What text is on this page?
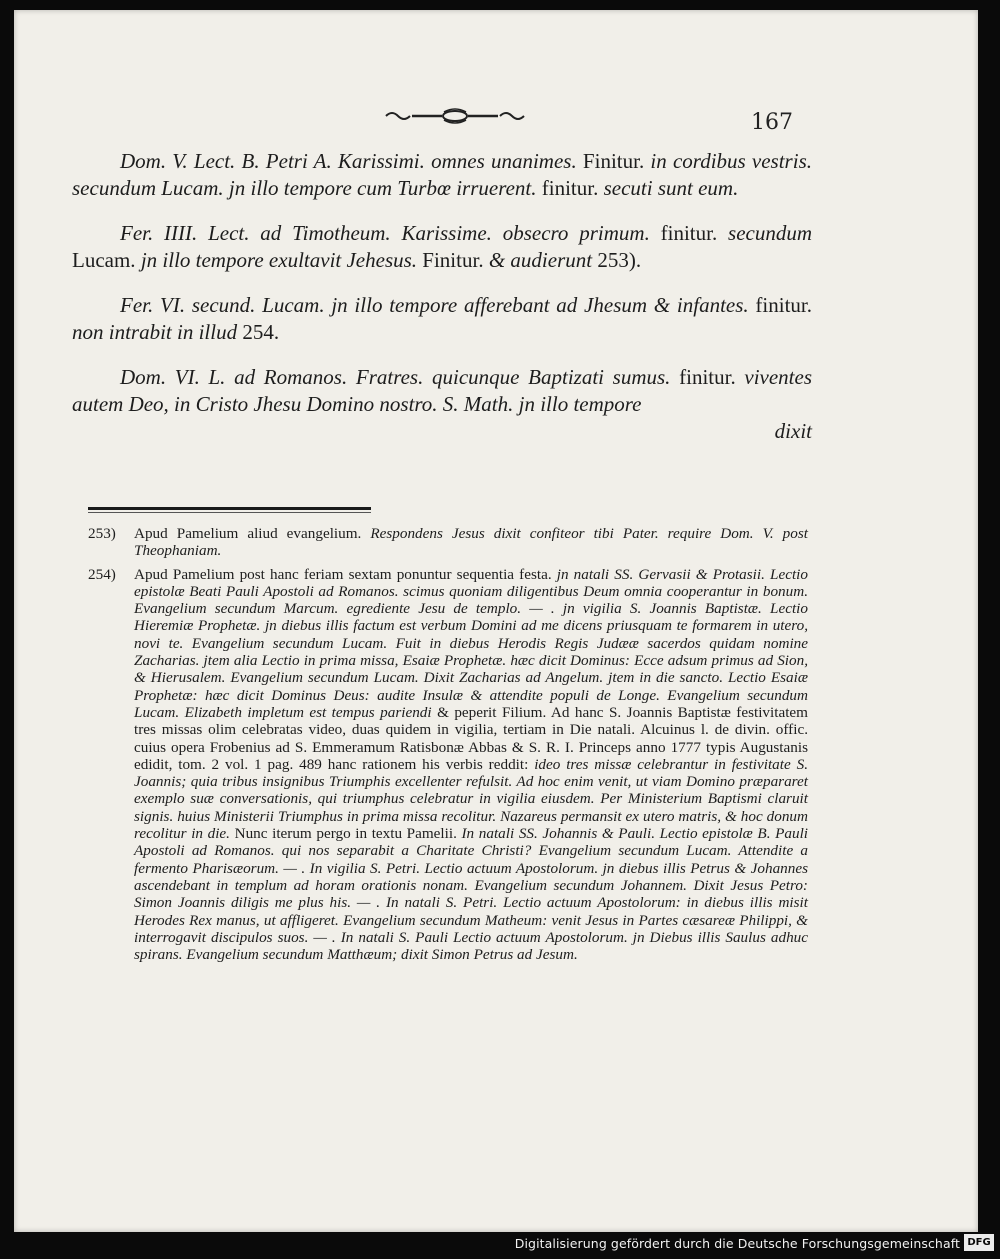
167

Dom. V. Lect. B. Petri A. Karissimi. omnes unanimes. Finitur. in cordibus vestris. secundum Lucam. jn illo tempore cum Turbœ irruerent. finitur. secuti sunt eum.

Fer. IIII. Lect. ad Timotheum. Karissime. obsecro primum. finitur. secundum Lucam. jn illo tempore exultavit Jehesus. Finitur. & audierunt 253).

Fer. VI. secund. Lucam. jn illo tempore afferebant ad Jhesum & infantes. finitur. non intrabit in illud 254.

Dom. VI. L. ad Romanos. Fratres. quicunque Baptizati sumus. finitur. viventes autem Deo, in Cristo Jhesu Domino nostro. S. Math. jn illo tempore

dixit

253) Apud Pamelium aliud evangelium. Respondens Jesus dixit confiteor tibi Pater. require Dom. V. post Theophaniam.

254) Apud Pamelium post hanc feriam sextam ponuntur sequentia festa. jn natali SS. Gervasii & Protasii. Lectio epistolæ Beati Pauli Apostoli ad Romanos. scimus quoniam diligentibus Deum omnia cooperantur in bonum. Evangelium secundum Marcum. egrediente Jesu de templo. — . jn vigilia S. Joannis Baptistæ. Lectio Hieremiæ Prophetæ. jn diebus illis factum est verbum Domini ad me dicens priusquam te formarem in utero, novi te. Evangelium secundum Lucam. Fuit in diebus Herodis Regis Judææ sacerdos quidam nomine Zacharias. jtem alia Lectio in prima missa, Esaiæ Prophetæ. hæc dicit Dominus: Ecce adsum primus ad Sion, & Hierusalem. Evangelium secundum Lucam. Dixit Zacharias ad Angelum. jtem in die sancto. Lectio Esaiæ Prophetæ: hæc dicit Dominus Deus: audite Insulæ & attendite populi de Longe. Evangelium secundum Lucam. Elizabeth impletum est tempus pariendi & peperit Filium. Ad hanc S. Joannis Baptistæ festivitatem tres missas olim celebratas video, duas quidem in vigilia, tertiam in Die natali. Alcuinus l. de divin. offic. cuius opera Frobenius ad S. Emmeramum Ratisbonæ Abbas & S. R. I. Princeps anno 1777 typis Augustanis edidit, tom. 2 vol. 1 pag. 489 hanc rationem his verbis reddit: ideo tres missæ celebrantur in festivitate S. Joannis; quia tribus insignibus Triumphis excellenter refulsit. Ad hoc enim venit, ut viam Domino præpararet exemplo suæ conversationis, qui triumphus celebratur in vigilia eiusdem. Per Ministerium Baptismi claruit signis. huius Ministerii Triumphus in prima missa recolitur. Nazareus permansit ex utero matris, & hoc donum recolitur in die. Nunc iterum pergo in textu Pamelii. In natali SS. Johannis & Pauli. Lectio epistolæ B. Pauli Apostoli ad Romanos. qui nos separabit a Charitate Christi? Evangelium secundum Lucam. Attendite a fermento Pharisæorum. — . In vigilia S. Petri. Lectio actuum Apostolorum. jn diebus illis Petrus & Johannes ascendebant in templum ad horam orationis nonam. Evangelium secundum Johannem. Dixit Jesus Petro: Simon Joannis diligis me plus his. — . In natali S. Petri. Lectio actuum Apostolorum: in diebus illis misit Herodes Rex manus, ut affligeret. Evangelium secundum Matheum: venit Jesus in Partes cæsareæ Philippi, & interrogavit discipulos suos. — . In natali S. Pauli Lectio actuum Apostolorum. jn Diebus illis Saulus adhuc spirans. Evangelium secundum Matthæum; dixit Simon Petrus ad Jesum.

Digitalisierung gefördert durch die Deutsche Forschungsgemeinschaft DFG
